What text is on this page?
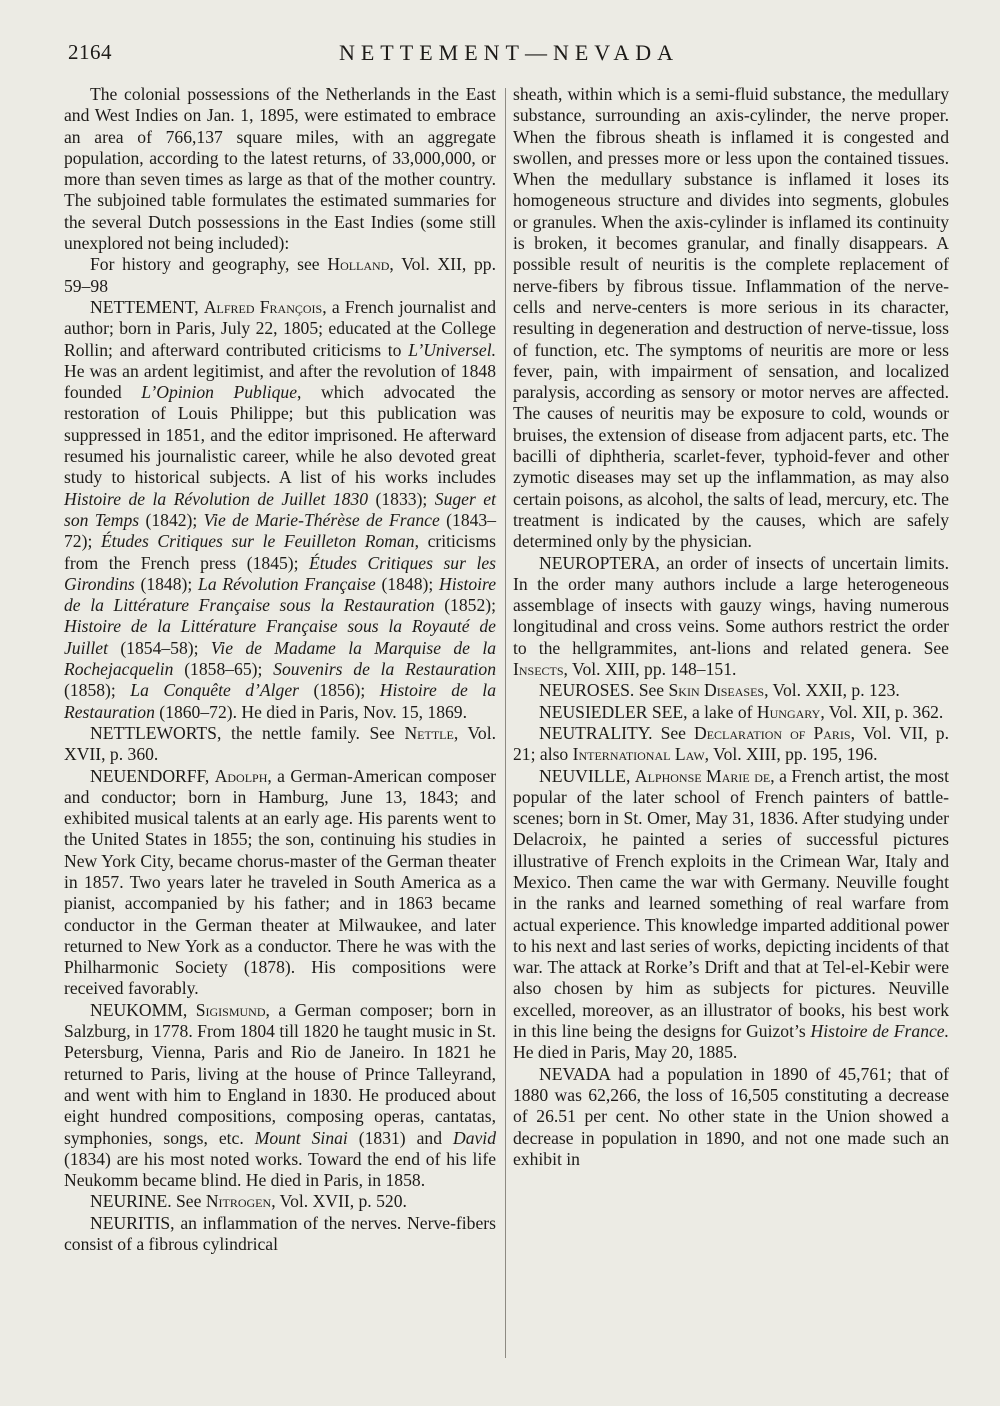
2164	NETTEMENT—NEVADA

The colonial possessions of the Netherlands in the East and West Indies on Jan. 1, 1895, were estimated to embrace an area of 766,137 square miles, with an aggregate population, according to the latest returns, of 33,000,000, or more than seven times as large as that of the mother country. The subjoined table formulates the estimated summaries for the several Dutch possessions in the East Indies (some still unexplored not being included):

For history and geography, see Holland, Vol. XII, pp. 59–98

NETTEMENT, Alfred François, a French journalist and author; born in Paris, July 22, 1805; educated at the College Rollin; and afterward contributed criticisms to L’Universel. He was an ardent legitimist, and after the revolution of 1848 founded L’Opinion Publique, which advocated the restoration of Louis Philippe; but this publication was suppressed in 1851, and the editor imprisoned. He afterward resumed his journalistic career, while he also devoted great study to historical subjects. A list of his works includes Histoire de la Révolution de Juillet 1830 (1833); Suger et son Temps (1842); Vie de Marie-Thérèse de France (1843–72); Études Critiques sur le Feuilleton Roman, criticisms from the French press (1845); Études Critiques sur les Girondins (1848); La Révolution Française (1848); Histoire de la Littérature Française sous la Restauration (1852); Histoire de la Littérature Française sous la Royauté de Juillet (1854–58); Vie de Madame la Marquise de la Rochejacquelin (1858–65); Souvenirs de la Restauration (1858); La Conquête d’Alger (1856); Histoire de la Restauration (1860–72). He died in Paris, Nov. 15, 1869.

NETTLEWORTS, the nettle family. See Nettle, Vol. XVII, p. 360.

NEUENDORFF, Adolph, a German-American composer and conductor; born in Hamburg, June 13, 1843; and exhibited musical talents at an early age. His parents went to the United States in 1855; the son, continuing his studies in New York City, became chorus-master of the German theater in 1857. Two years later he traveled in South America as a pianist, accompanied by his father; and in 1863 became conductor in the German theater at Milwaukee, and later returned to New York as a conductor. There he was with the Philharmonic Society (1878). His compositions were received favorably.

NEUKOMM, Sigismund, a German composer; born in Salzburg, in 1778. From 1804 till 1820 he taught music in St. Petersburg, Vienna, Paris and Rio de Janeiro. In 1821 he returned to Paris, living at the house of Prince Talleyrand, and went with him to England in 1830. He produced about eight hundred compositions, composing operas, cantatas, symphonies, songs, etc. Mount Sinai (1831) and David (1834) are his most noted works. Toward the end of his life Neukomm became blind. He died in Paris, in 1858.

NEURINE. See Nitrogen, Vol. XVII, p. 520.

NEURITIS, an inflammation of the nerves. Nerve-fibers consist of a fibrous cylindrical

sheath, within which is a semi-fluid substance, the medullary substance, surrounding an axis-cylinder, the nerve proper. When the fibrous sheath is inflamed it is congested and swollen, and presses more or less upon the contained tissues. When the medullary substance is inflamed it loses its homogeneous structure and divides into segments, globules or granules. When the axis-cylinder is inflamed its continuity is broken, it becomes granular, and finally disappears. A possible result of neuritis is the complete replacement of nerve-fibers by fibrous tissue. Inflammation of the nerve-cells and nerve-centers is more serious in its character, resulting in degeneration and destruction of nerve-tissue, loss of function, etc. The symptoms of neuritis are more or less fever, pain, with impairment of sensation, and localized paralysis, according as sensory or motor nerves are affected. The causes of neuritis may be exposure to cold, wounds or bruises, the extension of disease from adjacent parts, etc. The bacilli of diphtheria, scarlet-fever, typhoid-fever and other zymotic diseases may set up the inflammation, as may also certain poisons, as alcohol, the salts of lead, mercury, etc. The treatment is indicated by the causes, which are safely determined only by the physician.

NEUROPTERA, an order of insects of uncertain limits. In the order many authors include a large heterogeneous assemblage of insects with gauzy wings, having numerous longitudinal and cross veins. Some authors restrict the order to the hellgrammites, ant-lions and related genera. See Insects, Vol. XIII, pp. 148–151.

NEUROSES. See Skin Diseases, Vol. XXII, p. 123.

NEUSIEDLER SEE, a lake of Hungary, Vol. XII, p. 362.

NEUTRALITY. See Declaration of Paris, Vol. VII, p. 21; also International Law, Vol. XIII, pp. 195, 196.

NEUVILLE, Alphonse Marie de, a French artist, the most popular of the later school of French painters of battle-scenes; born in St. Omer, May 31, 1836. After studying under Delacroix, he painted a series of successful pictures illustrative of French exploits in the Crimean War, Italy and Mexico. Then came the war with Germany. Neuville fought in the ranks and learned something of real warfare from actual experience. This knowledge imparted additional power to his next and last series of works, depicting incidents of that war. The attack at Rorke’s Drift and that at Tel-el-Kebir were also chosen by him as subjects for pictures. Neuville excelled, moreover, as an illustrator of books, his best work in this line being the designs for Guizot’s Histoire de France. He died in Paris, May 20, 1885.

NEVADA had a population in 1890 of 45,761; that of 1880 was 62,266, the loss of 16,505 constituting a decrease of 26.51 per cent. No other state in the Union showed a decrease in population in 1890, and not one made such an exhibit in
